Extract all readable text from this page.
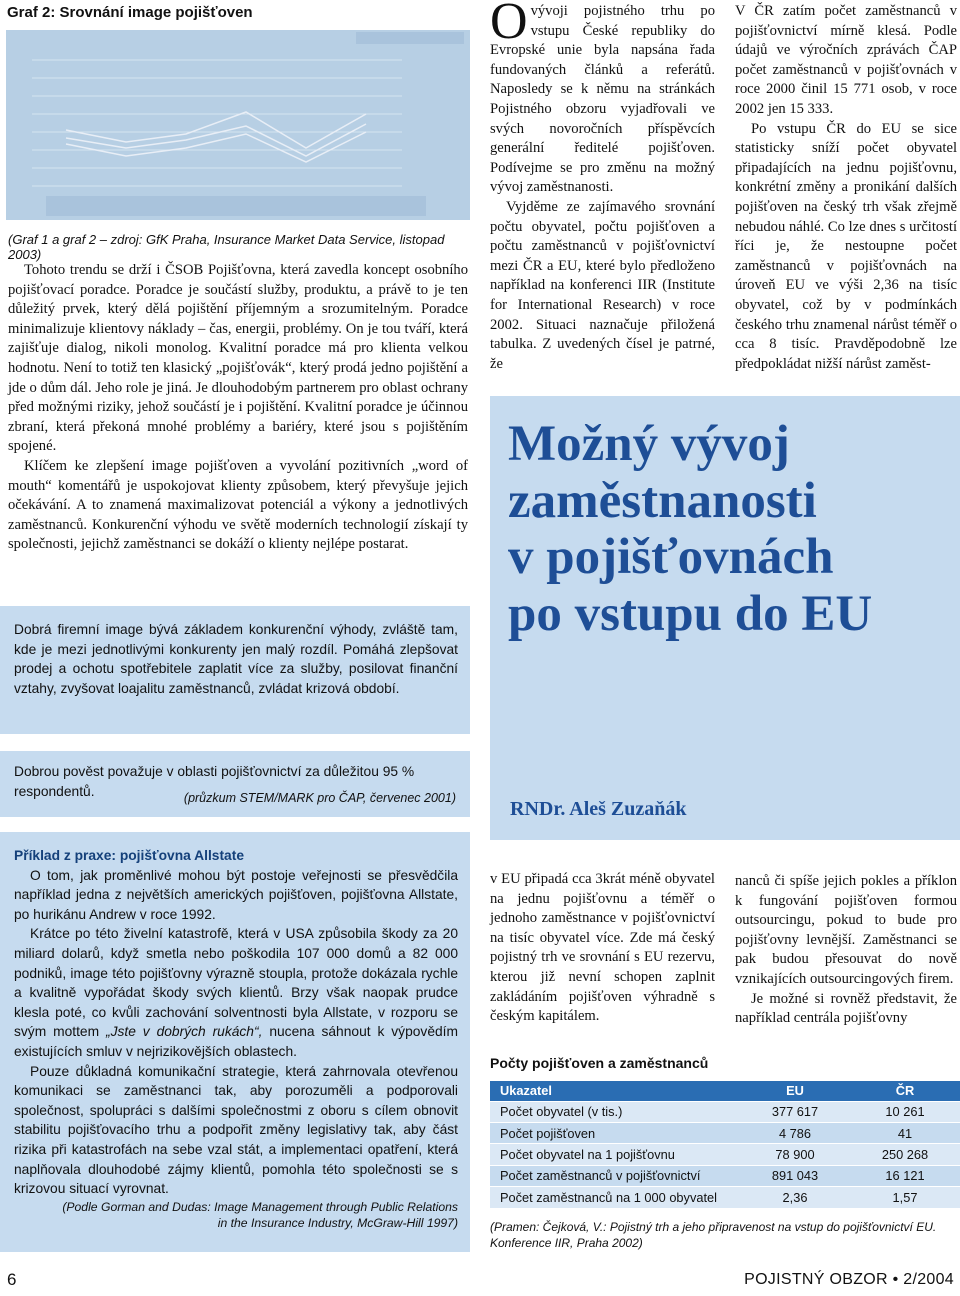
Graf 2: Srovnání image pojišťoven
(Graf 1 a graf 2 – zdroj: GfK Praha, Insurance Market Data Service, listopad 2003)

Tohoto trendu se drží i ČSOB Pojišťovna, která zavedla koncept osobního pojišťovací poradce. Poradce je součástí služby, produktu, a právě to je ten důležitý prvek, který dělá pojištění příjemným a srozumitelným. Poradce minimalizuje klientovy náklady – čas, energii, problémy. On je tou tváří, která zajišťuje dialog, nikoli monolog. Kvalitní poradce má pro klienta velkou hodnotu. Není to totiž ten klasický „pojišťovák“, který prodá jedno pojištění a jde o dům dál. Jeho role je jiná. Je dlouhodobým partnerem pro oblast ochrany před možnými riziky, jehož součástí je i pojištění. Kvalitní poradce je účinnou zbraní, která překoná mnohé problémy a bariéry, které jsou s pojištěním spojené.

Klíčem ke zlepšení image pojišťoven a vyvolání pozitivních „word of mouth“ komentářů je uspokojovat klienty způsobem, který převyšuje jejich očekávání. A to znamená maximalizovat potenciál a výkony a jednotlivých zaměstnanců. Konkurenční výhodu ve světě moderních technologií získají ty společnosti, jejichž zaměstnanci se dokáží o klienty nejlépe postarat.

Dobrá firemní image bývá základem konkurenční výhody, zvláště tam, kde je mezi jednotlivými konkurenty jen malý rozdíl. Pomáhá zlepšovat prodej a ochotu spotřebitele zaplatit více za služby, posilovat finanční vztahy, zvyšovat loajalitu zaměstnanců, zvládat krizová období.
Dobrou pověst považuje v oblasti pojišťovnictví za důležitou 95 % respondentů.	(průzkum STEM/MARK pro ČAP, červenec 2001)
Příklad z praxe: pojišťovna Allstate

O tom, jak proměnlivé mohou být postoje veřejnosti se přesvědčila například jedna z největších amerických pojišťoven, pojišťovna Allstate, po hurikánu Andrew v roce 1992.

Krátce po této živelní katastrofě, která v USA způsobila škody za 20 miliard dolarů, když smetla nebo poškodila 107 000 domů a 82 000 podniků, image této pojišťovny výrazně stoupla, protože dokázala rychle a kvalitně vypořádat škody svých klientů. Brzy však naopak prudce klesla poté, co kvůli zachování solventnosti byla Allstate, v rozporu se svým mottem „Jste v dobrých rukách“, nucena sáhnout k výpovědím existujících smluv v nejrizikovějších oblastech.

Pouze důkladná komunikační strategie, která zahrnovala otevřenou komunikaci se zaměstnanci tak, aby porozuměli a podporovali společnost, spolupráci s dalšími společnostmi z oboru s cílem obnovit stabilitu pojišťovacího trhu a podpořit změny legislativy tak, aby část rizika při katastrofách na sebe vzal stát, a implementaci opatření, která naplňovala dlouhodobé zájmy klientů, pomohla této společnosti se s krizovou situací vyrovnat.

(Podle Gorman and Dudas: Image Management through Public Relations
in the Insurance Industry, McGraw-Hill 1997)

Ovývoji pojistného trhu po vstupu České republiky do Evropské unie byla napsána řada fundovaných článků a referátů. Naposledy se k němu na stránkách Pojistného obzoru vyjadřovali ve svých novoročních příspěvcích generální ředitelé pojišťoven. Podívejme se pro změnu na možný vývoj zaměstnanosti.

Vyjděme ze zajímavého srovnání počtu obyvatel, počtu pojišťoven a počtu zaměstnanců v pojišťovnictví mezi ČR a EU, které bylo předloženo například na konferenci IIR (Institute for International Research) v roce 2002. Situaci naznačuje přiložená tabulka. Z uvedených čísel je patrné, že

V ČR zatím počet zaměstnanců v pojišťovnictví mírně klesá. Podle údajů ve výročních zprávách ČAP počet zaměstnanců v pojišťovnách v roce 2000 činil 15 771 osob, v roce 2002 jen 15 333.

Po vstupu ČR do EU se sice statisticky sníží počet obyvatel připadajících na jednu pojišťovnu, konkrétní změny a pronikání dalších pojišťoven na český trh však zřejmě nebudou náhlé. Co lze dnes s určitostí říci je, že nestoupne počet zaměstnanců v pojišťovnách na úroveň EU ve výši 2,36 na tisíc obyvatel, což by v podmínkách českého trhu znamenal nárůst téměř o cca 8 tisíc. Pravděpodobně lze předpokládat nižší nárůst zaměst-

Možný vývoj
zaměstnanosti
v pojišťovnách
po vstupu do EU
RNDr. Aleš Zuzaňák

v EU připadá cca 3krát méně obyvatel na jednu pojišťovnu a téměř o jednoho zaměstnance v pojišťovnictví na tisíc obyvatel více. Zde má český pojistný trh ve srovnání s EU rezervu, kterou již nevní schopen zaplnit zakládáním pojišťoven výhradně s českým kapitálem.

nanců či spíše jejich pokles a příklon k fungování pojišťoven formou outsourcingu, pokud to bude pro pojišťovny levnější. Zaměstnanci se pak budou přesouvat do nově vznikajících outsourcingových firem.

Je možné si rovněž představit, že například centrála pojišťovny

Počty pojišťoven a zaměstnanců
Ukazatel	EU	ČR
Počet obyvatel (v tis.)	377 617	10 261
Počet pojišťoven	4 786	41
Počet obyvatel na 1 pojišťovnu	78 900	250 268
Počet zaměstnanců v pojišťovnictví	891 043	16 121
Počet zaměstnanců na 1 000 obyvatel	2,36	1,57
(Pramen: Čejková, V.: Pojistný trh a jeho připravenost na vstup do pojišťovnictví EU. Konference IIR, Praha 2002)
6	POJISTNÝ OBZOR • 2/2004
